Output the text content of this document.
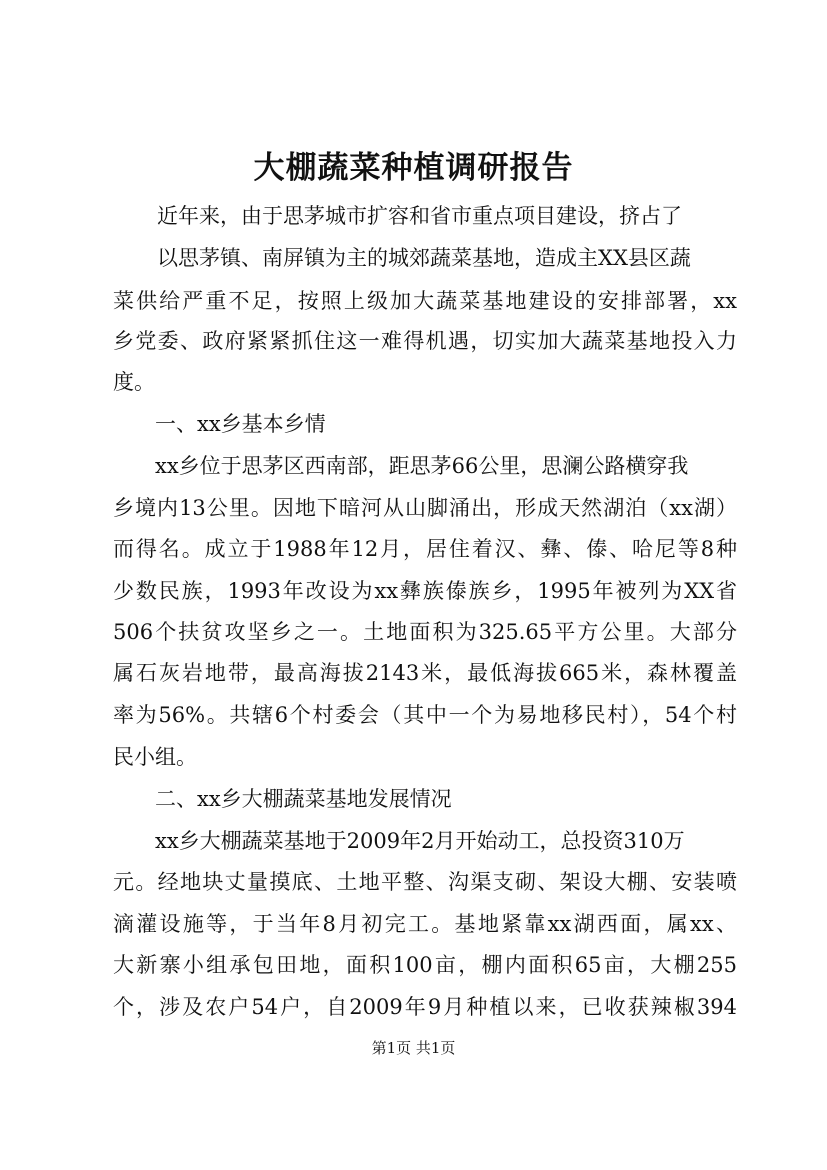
大棚蔬菜种植调研报告
近年来，由于思茅城市扩容和省市重点项目建设，挤占了
以思茅镇、南屏镇为主的城郊蔬菜基地，造成主XX县区蔬
菜供给严重不足，按照上级加大蔬菜基地建设的安排部署，xx
乡党委、政府紧紧抓住这一难得机遇，切实加大蔬菜基地投入力
度。
一、xx乡基本乡情
xx乡位于思茅区西南部，距思茅66公里，思澜公路横穿我
乡境内13公里。因地下暗河从山脚涌出，形成天然湖泊（xx湖）
而得名。成立于1988年12月，居住着汉、彝、傣、哈尼等8种
少数民族，1993年改设为xx彝族傣族乡，1995年被列为XX省
506个扶贫攻坚乡之一。土地面积为325.65平方公里。大部分
属石灰岩地带，最高海拔2143米，最低海拔665米，森林覆盖
率为56%。共辖6个村委会（其中一个为易地移民村），54个村
民小组。
二、xx乡大棚蔬菜基地发展情况
xx乡大棚蔬菜基地于2009年2月开始动工，总投资310万
元。经地块丈量摸底、土地平整、沟渠支砌、架设大棚、安装喷
滴灌设施等，于当年8月初完工。基地紧靠xx湖西面，属xx、
大新寨小组承包田地，面积100亩，棚内面积65亩，大棚255
个，涉及农户54户，自2009年9月种植以来，已收获辣椒394
第1页 共1页
